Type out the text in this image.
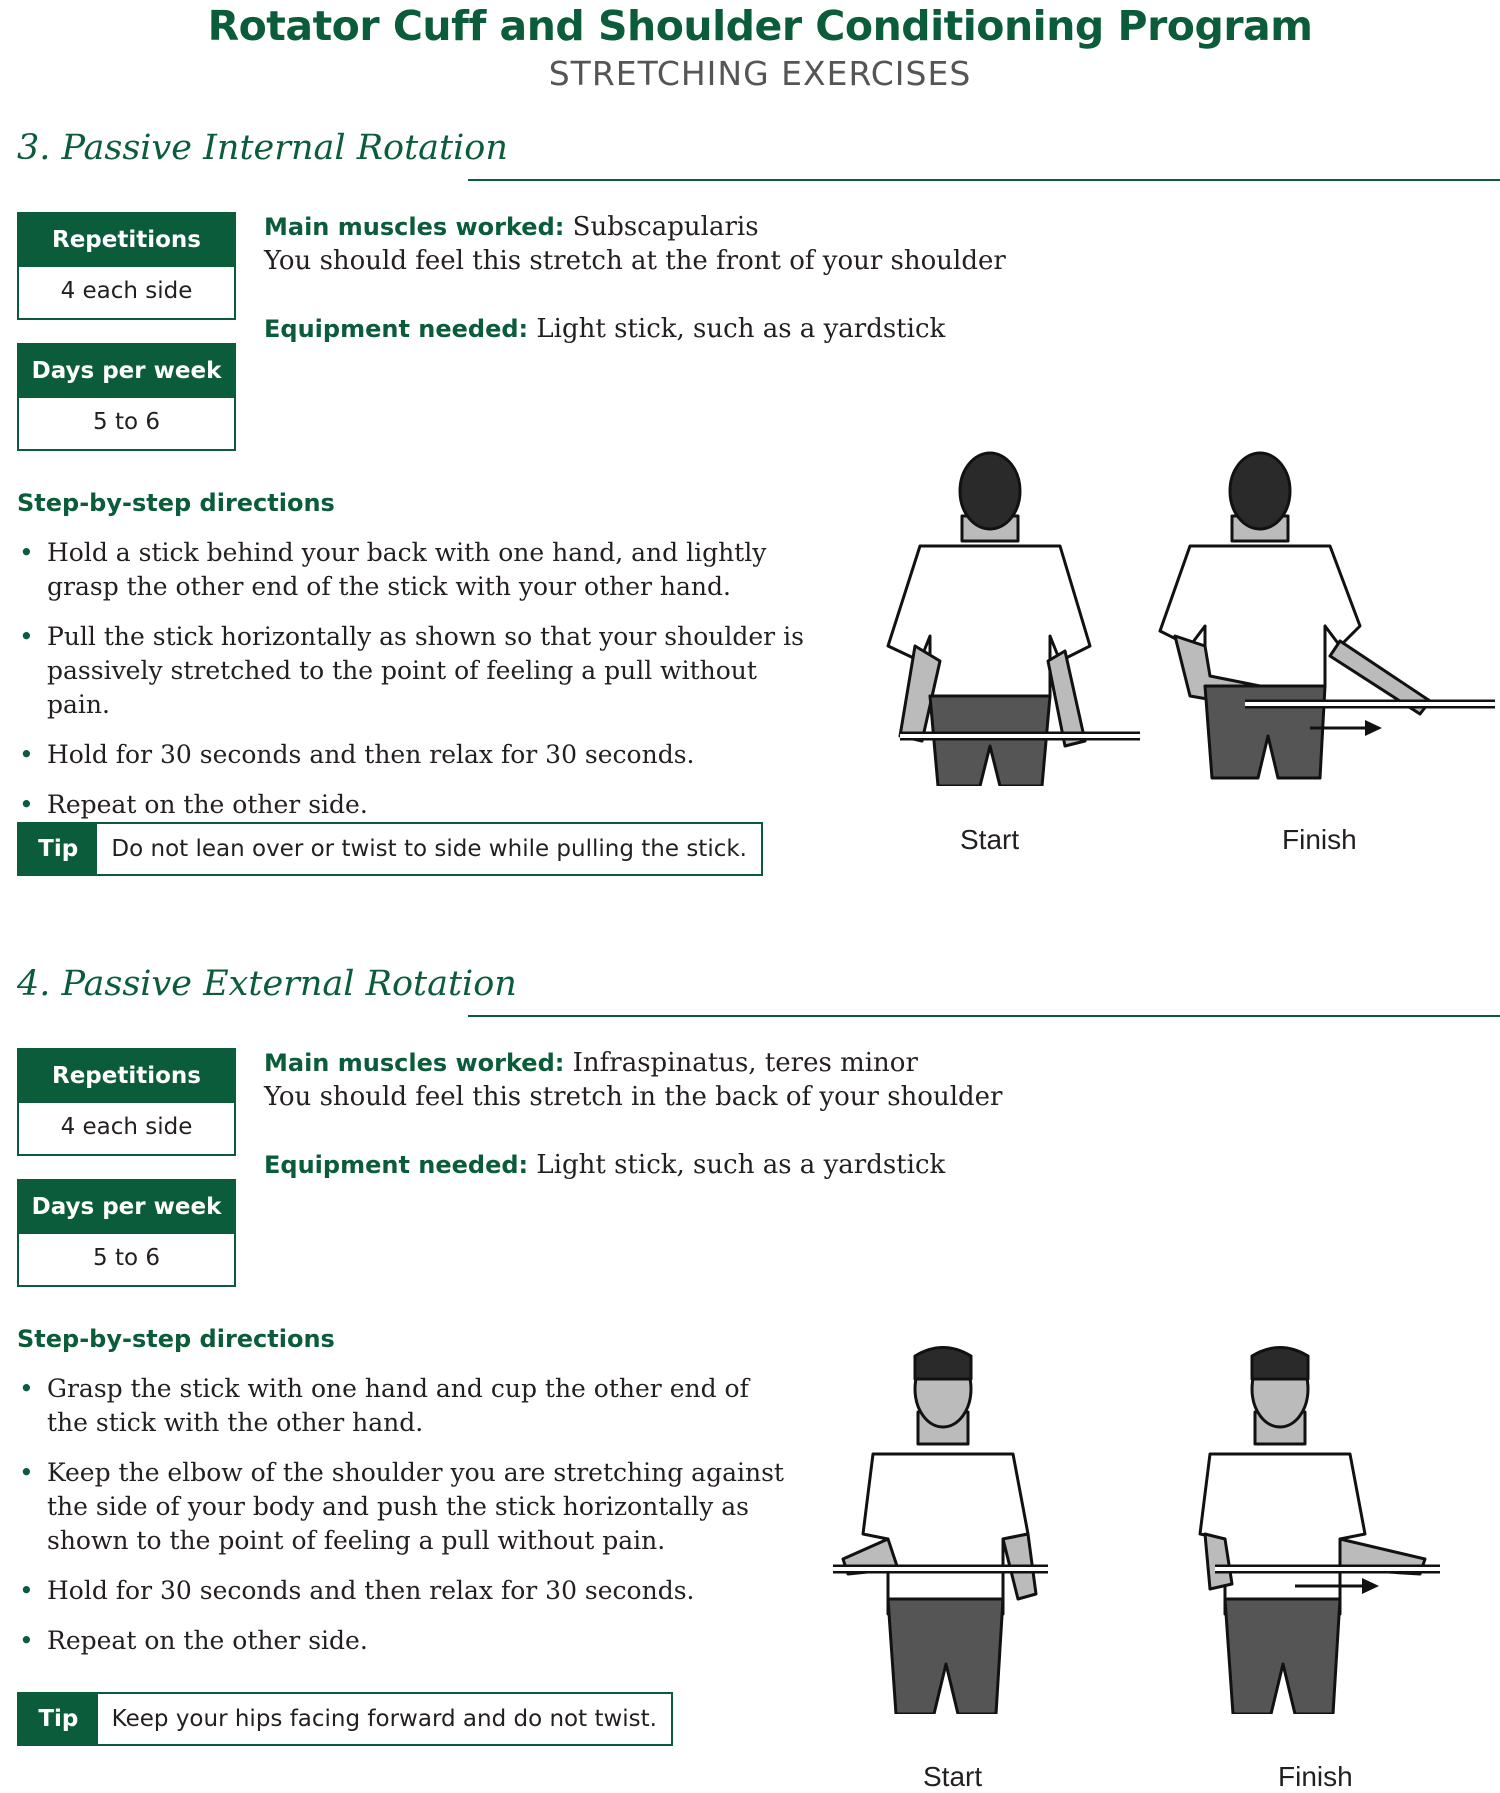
Rotator Cuff and Shoulder Conditioning Program
STRETCHING EXERCISES
3. Passive Internal Rotation
Repetitions
4 each side
Days per week
5 to 6
Main muscles worked: Subscapularis
You should feel this stretch at the front of your shoulder
Equipment needed: Light stick, such as a yardstick
Step-by-step directions
• Hold a stick behind your back with one hand, and lightly grasp the other end of the stick with your other hand.
• Pull the stick horizontally as shown so that your shoulder is passively stretched to the point of feeling a pull without pain.
• Hold for 30 seconds and then relax for 30 seconds.
• Repeat on the other side.
Tip	Do not lean over or twist to side while pulling the stick.	Start	Finish
4. Passive External Rotation
Repetitions
4 each side
Days per week
5 to 6
Main muscles worked: Infraspinatus, teres minor
You should feel this stretch in the back of your shoulder
Equipment needed: Light stick, such as a yardstick
Step-by-step directions
• Grasp the stick with one hand and cup the other end of the stick with the other hand.
• Keep the elbow of the shoulder you are stretching against the side of your body and push the stick horizontally as shown to the point of feeling a pull without pain.
• Hold for 30 seconds and then relax for 30 seconds.
• Repeat on the other side.
Tip	Keep your hips facing forward and do not twist.
Start	Finish
